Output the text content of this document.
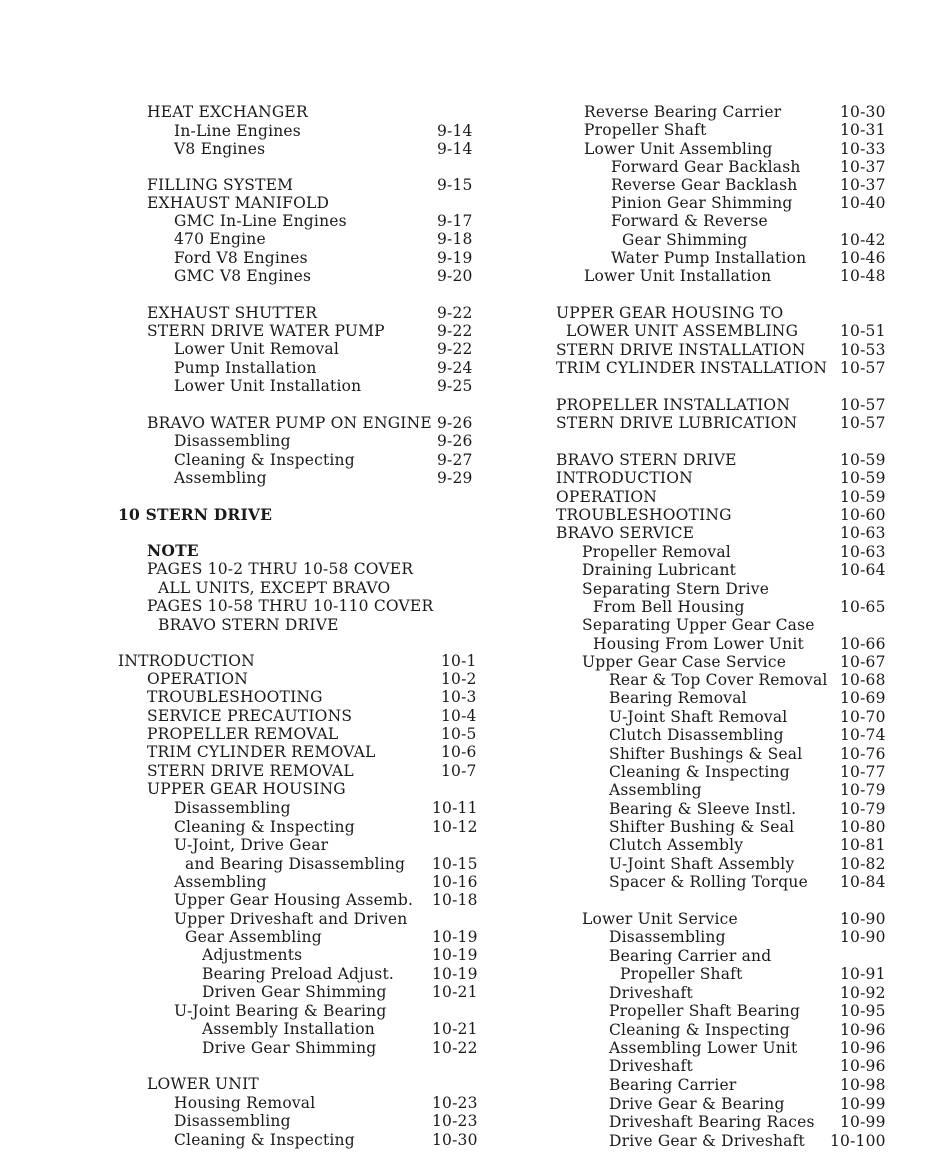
HEAT EXCHANGER
In-Line Engines	9-14
V8 Engines	9-14
FILLING SYSTEM	9-15
EXHAUST MANIFOLD
GMC In-Line Engines	9-17
470 Engine	9-18
Ford V8 Engines	9-19
GMC V8 Engines	9-20
EXHAUST SHUTTER	9-22
STERN DRIVE WATER PUMP	9-22
Lower Unit Removal	9-22
Pump Installation	9-24
Lower Unit Installation	9-25
BRAVO WATER PUMP ON ENGINE 9-26
Disassembling	9-26
Cleaning & Inspecting	9-27
Assembling	9-29
10 STERN DRIVE
NOTE
PAGES 10-2 THRU 10-58 COVER
ALL UNITS, EXCEPT BRAVO
PAGES 10-58 THRU 10-110 COVER
BRAVO STERN DRIVE
INTRODUCTION	10-1
OPERATION	10-2
TROUBLESHOOTING	10-3
SERVICE PRECAUTIONS	10-4
PROPELLER REMOVAL	10-5
TRIM CYLINDER REMOVAL	10-6
STERN DRIVE REMOVAL	10-7
UPPER GEAR HOUSING
Disassembling	10-11
Cleaning & Inspecting	10-12
U-Joint, Drive Gear
and Bearing Disassembling 10-15
Assembling	10-16
Upper Gear Housing Assemb. 10-18
Upper Driveshaft and Driven
Gear Assembling	10-19
Adjustments	10-19
Bearing Preload Adjust. 10-19
Driven Gear Shimming	10-21
U-Joint Bearing & Bearing
Assembly Installation	10-21
Drive Gear Shimming	10-22
LOWER UNIT
Housing Removal	10-23
Disassembling	10-23
Cleaning & Inspecting	10-30
Reverse Bearing Carrier	10-30
Propeller Shaft	10-31
Lower Unit Assembling	10-33
Forward Gear Backlash	10-37
Reverse Gear Backlash	10-37
Pinion Gear Shimming	10-40
Forward & Reverse
Gear Shimming	10-42
Water Pump Installation 10-46
Lower Unit Installation	10-48
UPPER GEAR HOUSING TO
LOWER UNIT ASSEMBLING	10-51
STERN DRIVE INSTALLATION 10-53
TRIM CYLINDER INSTALLATION 10-57
PROPELLER INSTALLATION	10-57
STERN DRIVE LUBRICATION	10-57
BRAVO STERN DRIVE	10-59
INTRODUCTION	10-59
OPERATION	10-59
TROUBLESHOOTING	10-60
BRAVO SERVICE	10-63
Propeller Removal	10-63
Draining Lubricant	10-64
Separating Stern Drive
From Bell Housing	10-65
Separating Upper Gear Case
Housing From Lower Unit 10-66
Upper Gear Case Service	10-67
Rear & Top Cover Removal 10-68
Bearing Removal	10-69
U-Joint Shaft Removal	10-70
Clutch Disassembling	10-74
Shifter Bushings & Seal 10-76
Cleaning & Inspecting	10-77
Assembling	10-79
Bearing & Sleeve Instl.	10-79
Shifter Bushing & Seal	10-80
Clutch Assembly	10-81
U-Joint Shaft Assembly	10-82
Spacer & Rolling Torque 10-84
Lower Unit Service	10-90
Disassembling	10-90
Bearing Carrier and
Propeller Shaft	10-91
Driveshaft	10-92
Propeller Shaft Bearing	10-95
Cleaning & Inspecting	10-96
Assembling Lower Unit	10-96
Driveshaft	10-96
Bearing Carrier	10-98
Drive Gear & Bearing	10-99
Driveshaft Bearing Races 10-99
Drive Gear & Driveshaft 10-100
